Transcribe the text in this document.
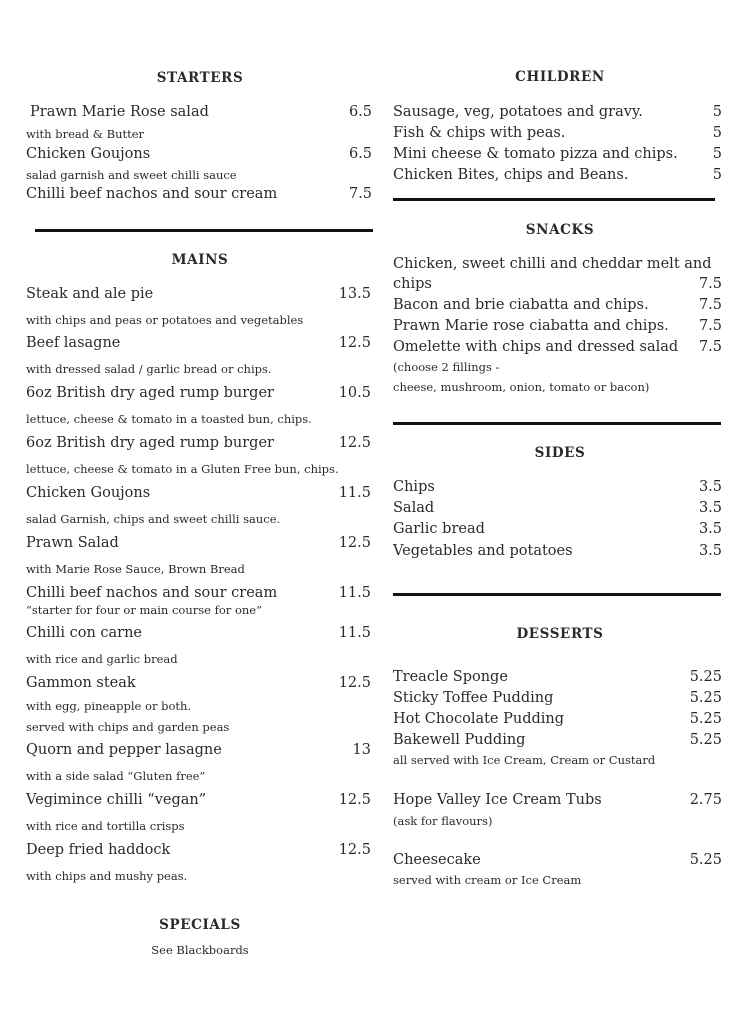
STARTERS
Prawn Marie Rose salad	6.5
with bread & Butter
Chicken Goujons	6.5
salad garnish and sweet chilli sauce
Chilli beef nachos and sour cream	7.5
MAINS
Steak and ale pie	13.5
with chips and peas or potatoes and vegetables
Beef lasagne	12.5
with dressed salad / garlic bread or chips.
6oz British dry aged rump burger	10.5
lettuce, cheese & tomato in a toasted bun, chips.
6oz British dry aged rump burger	12.5
lettuce, cheese & tomato in a Gluten Free bun, chips.
Chicken Goujons	11.5
salad Garnish, chips and sweet chilli sauce.
Prawn Salad	12.5
with Marie Rose Sauce, Brown Bread
Chilli beef nachos and sour cream	11.5
“starter for four or main course for one”
Chilli con carne	11.5
with rice and garlic bread
Gammon steak	12.5
with egg, pineapple or both.
served with chips and garden peas
Quorn and pepper lasagne	13
with a side salad “Gluten free”
Vegimince chilli “vegan”	12.5
with rice and tortilla crisps
Deep fried haddock	12.5
with chips and mushy peas.
SPECIALS
See Blackboards
CHILDREN
Sausage, veg, potatoes and gravy.	5
Fish & chips with peas.	5
Mini cheese & tomato pizza and chips.	5
Chicken Bites, chips and Beans.	5
SNACKS
Chicken, sweet chilli and cheddar melt and
chips	7.5
Bacon and brie ciabatta and chips.	7.5
Prawn Marie rose ciabatta and chips.	7.5
Omelette with chips and dressed salad	7.5
(choose 2 fillings -
cheese, mushroom, onion, tomato or bacon)
SIDES
Chips	3.5
Salad	3.5
Garlic bread	3.5
Vegetables and potatoes	3.5
DESSERTS
Treacle Sponge	5.25
Sticky Toffee Pudding	5.25
Hot Chocolate Pudding	5.25
Bakewell Pudding	5.25
all served with Ice Cream, Cream or Custard
Hope Valley Ice Cream Tubs	2.75
(ask for flavours)
Cheesecake	5.25
served with cream or Ice Cream
